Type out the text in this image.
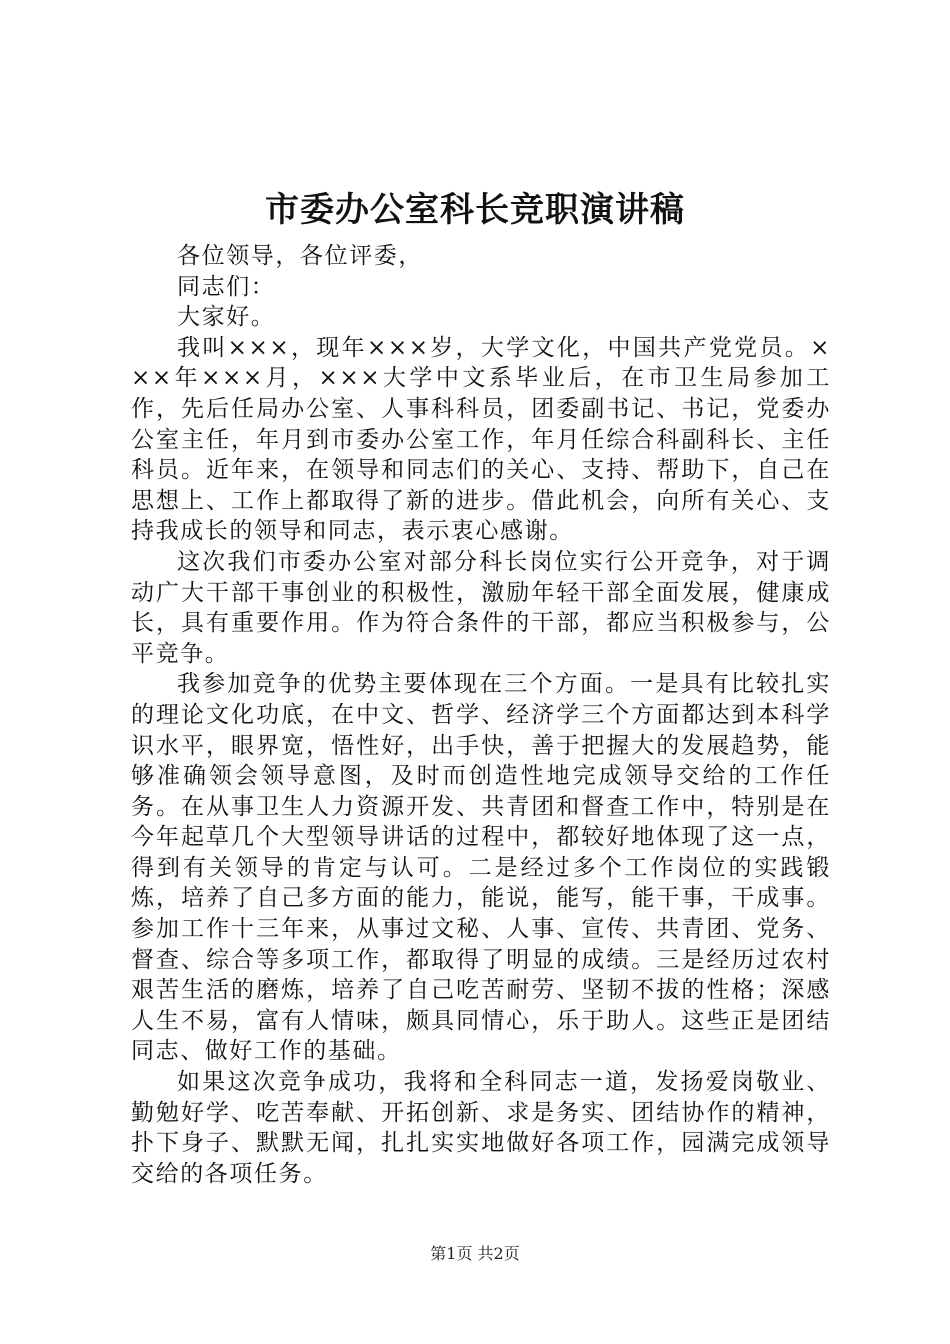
市委办公室科长竞职演讲稿

各位领导，各位评委，

同志们：

大家好。

我叫×××，现年×××岁，大学文化，中国共产党党员。×××年×××月，×××大学中文系毕业后，在市卫生局参加工作，先后任局办公室、人事科科员，团委副书记、书记，党委办公室主任，年月到市委办公室工作，年月任综合科副科长、主任科员。近年来，在领导和同志们的关心、支持、帮助下，自己在思想上、工作上都取得了新的进步。借此机会，向所有关心、支持我成长的领导和同志，表示衷心感谢。

这次我们市委办公室对部分科长岗位实行公开竞争，对于调动广大干部干事创业的积极性，激励年轻干部全面发展，健康成长，具有重要作用。作为符合条件的干部，都应当积极参与，公平竞争。

我参加竞争的优势主要体现在三个方面。一是具有比较扎实的理论文化功底，在中文、哲学、经济学三个方面都达到本科学识水平，眼界宽，悟性好，出手快，善于把握大的发展趋势，能够准确领会领导意图，及时而创造性地完成领导交给的工作任务。在从事卫生人力资源开发、共青团和督查工作中，特别是在今年起草几个大型领导讲话的过程中，都较好地体现了这一点，得到有关领导的肯定与认可。二是经过多个工作岗位的实践锻炼，培养了自己多方面的能力，能说，能写，能干事，干成事。参加工作十三年来，从事过文秘、人事、宣传、共青团、党务、督查、综合等多项工作，都取得了明显的成绩。三是经历过农村艰苦生活的磨炼，培养了自己吃苦耐劳、坚韧不拔的性格；深感人生不易，富有人情味，颇具同情心，乐于助人。这些正是团结同志、做好工作的基础。

如果这次竞争成功，我将和全科同志一道，发扬爱岗敬业、勤勉好学、吃苦奉献、开拓创新、求是务实、团结协作的精神，扑下身子、默默无闻，扎扎实实地做好各项工作，园满完成领导交给的各项任务。

第1页 共2页
